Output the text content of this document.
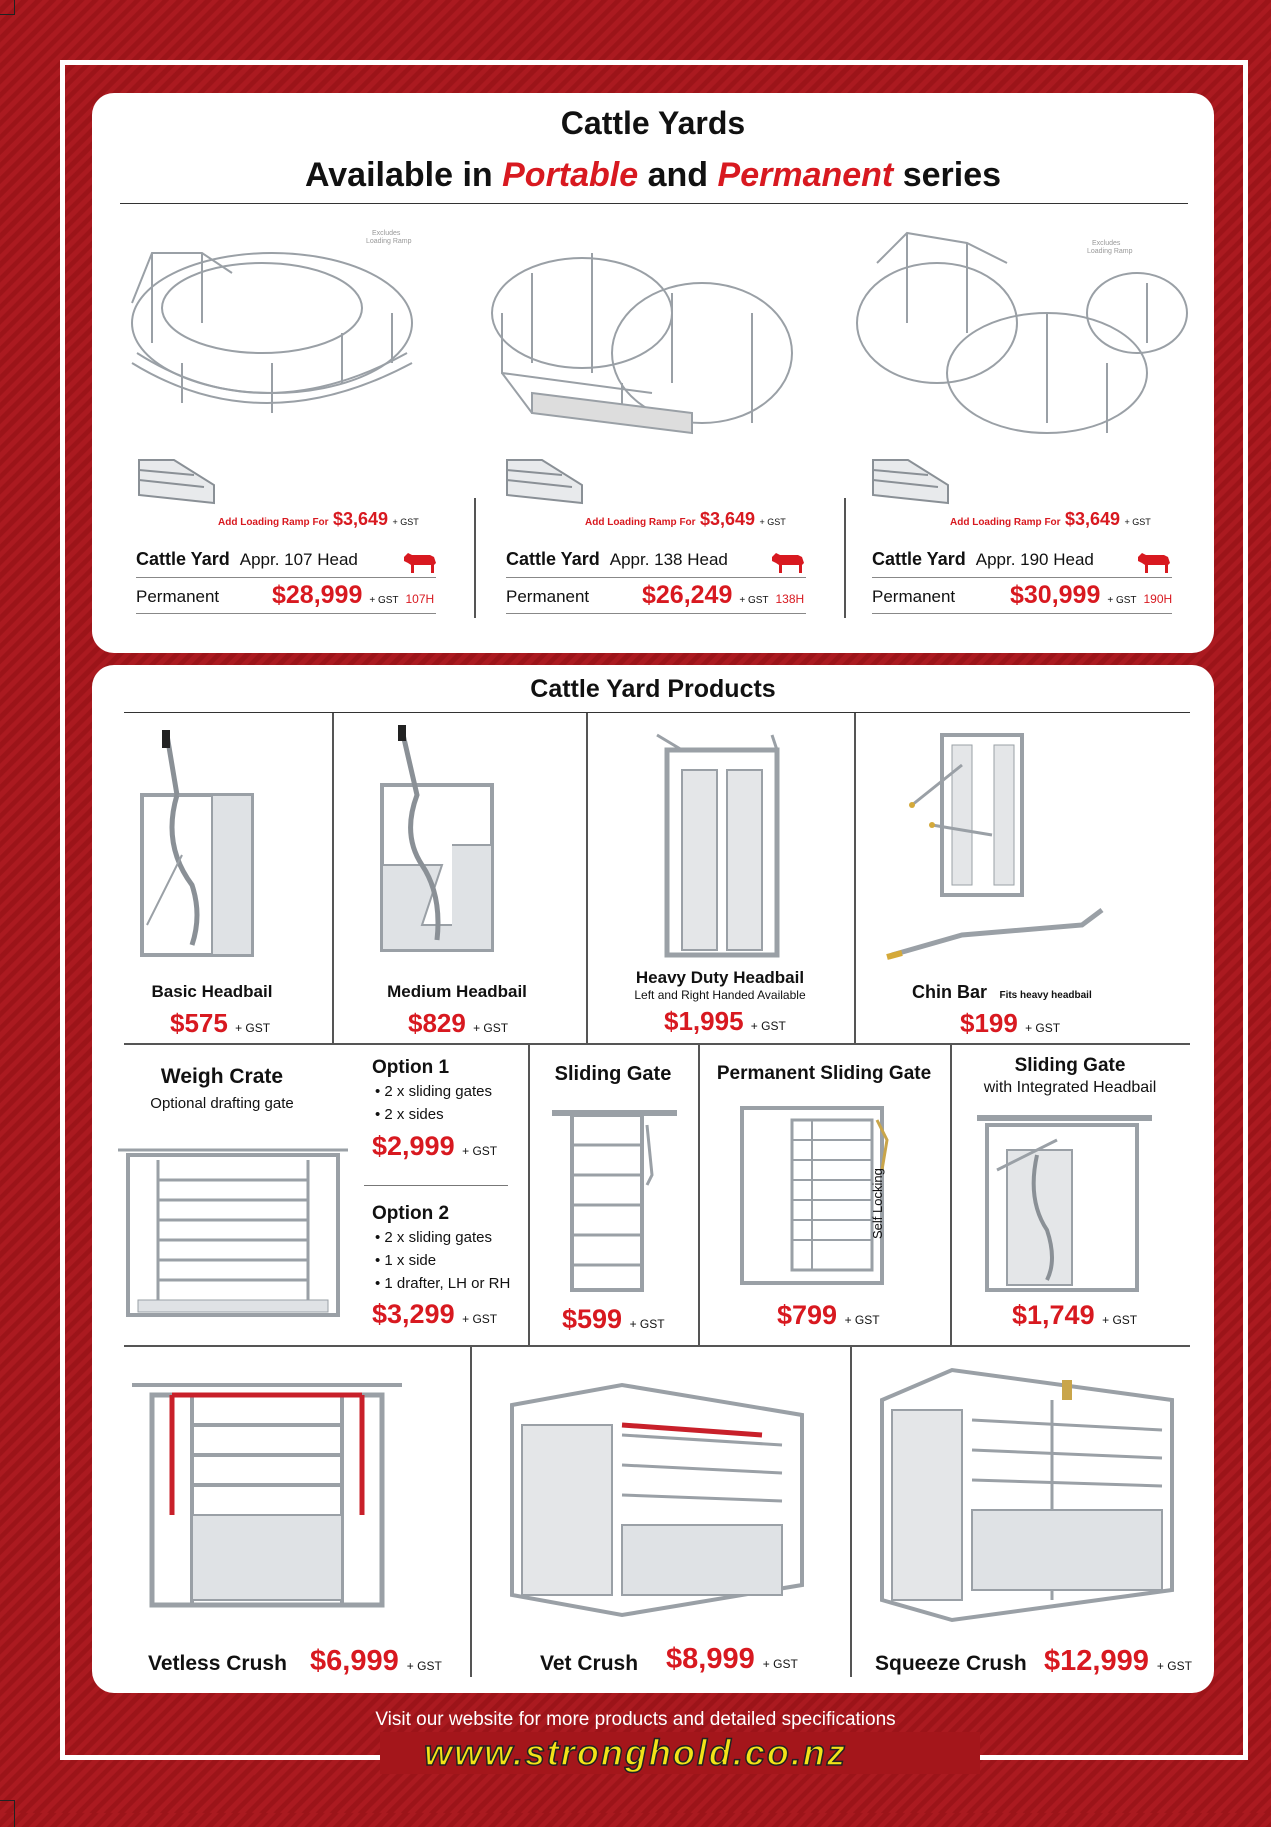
Cattle Yards
Available in Portable and Permanent series
Excludes
Loading Ramp
Add Loading Ramp For $3,649 + GST
Cattle Yard Appr. 107 Head
Permanent $28,999 + GST 107H
Add Loading Ramp For $3,649 + GST
Cattle Yard Appr. 138 Head
Permanent $26,249 + GST 138H
Excludes
Loading Ramp
Add Loading Ramp For $3,649 + GST
Cattle Yard Appr. 190 Head
Permanent $30,999 + GST 190H
Cattle Yard Products
Basic Headbail
$575 + GST
Medium Headbail
$829 + GST
Heavy Duty Headbail
Left and Right Handed Available
$1,995 + GST
Chin Bar Fits heavy headbail
$199 + GST
Weigh Crate
Optional drafting gate
Option 1
• 2 x sliding gates
• 2 x sides
$2,999 + GST
Option 2
• 2 x sliding gates
• 1 x side
• 1 drafter, LH or RH
$3,299 + GST
Sliding Gate
$599 + GST
Permanent Sliding Gate
Self Locking
$799 + GST
Sliding Gate
with Integrated Headbail
$1,749 + GST
Vetless Crush $6,999 + GST	Vet Crush $8,999 + GST	Squeeze Crush $12,999 + GST
Visit our website for more products and detailed specifications
www.stronghold.co.nz
